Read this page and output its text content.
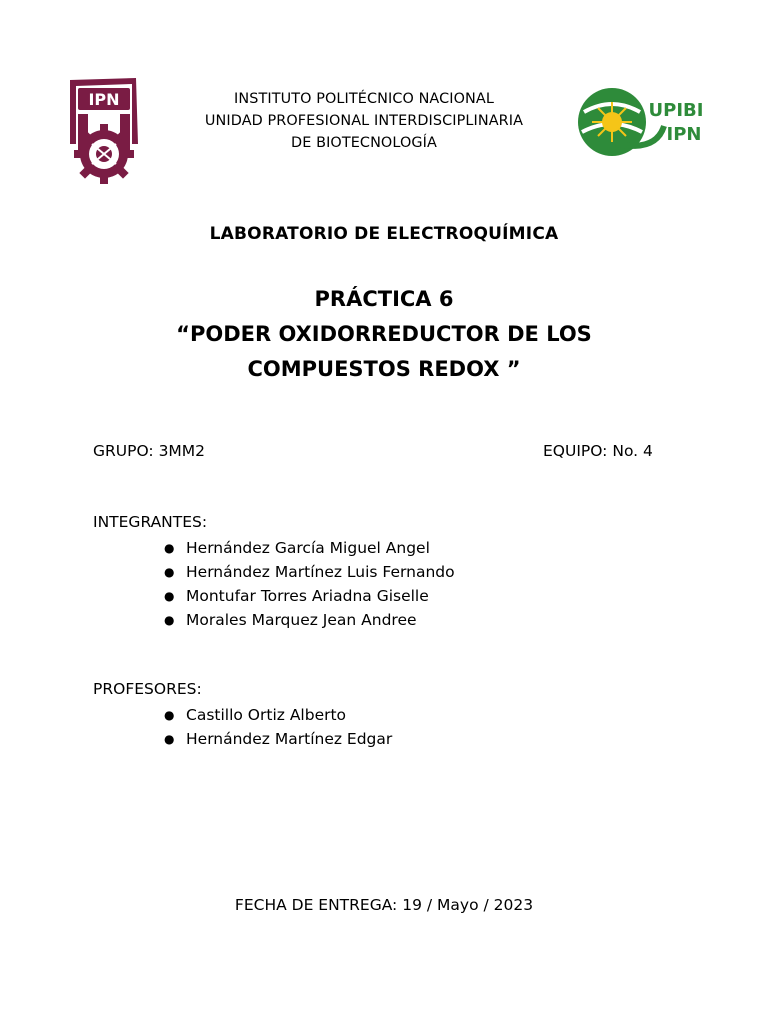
IPN	INSTITUTO POLITÉCNICO NACIONAL
UNIDAD PROFESIONAL INTERDISCIPLINARIA
DE BIOTECNOLOGÍA
UPIBI
IPN
LABORATORIO DE ELECTROQUÍMICA
PRÁCTICA 6
“PODER OXIDORREDUCTOR DE LOS
COMPUESTOS REDOX ”
GRUPO: 3MM2	EQUIPO: No. 4
INTEGRANTES:
● Hernández García Miguel Angel
● Hernández Martínez Luis Fernando
● Montufar Torres Ariadna Giselle
● Morales Marquez Jean Andree
PROFESORES:
● Castillo Ortiz Alberto
● Hernández Martínez Edgar
FECHA DE ENTREGA: 19 / Mayo / 2023
